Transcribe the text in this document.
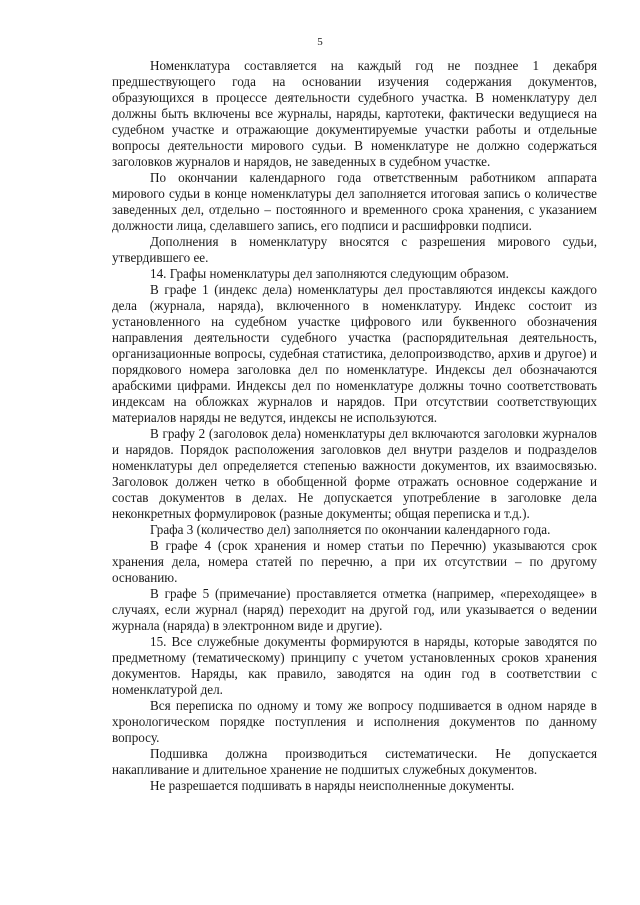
5

Номенклатура составляется на каждый год не позднее 1 декабря предшествующего года на основании изучения содержания документов, образующихся в процессе деятельности судебного участка. В номенклатуру дел должны быть включены все журналы, наряды, картотеки, фактически ведущиеся на судебном участке и отражающие документируемые участки работы и отдельные вопросы деятельности мирового судьи. В номенклатуре не должно содержаться заголовков журналов и нарядов, не заведенных в судебном участке.

По окончании календарного года ответственным работником аппарата мирового судьи в конце номенклатуры дел заполняется итоговая запись о количестве заведенных дел, отдельно – постоянного и временного срока хранения, с указанием должности лица, сделавшего запись, его подписи и расшифровки подписи.

Дополнения в номенклатуру вносятся с разрешения мирового судьи, утвердившего ее.

14. Графы номенклатуры дел заполняются следующим образом.

В графе 1 (индекс дела) номенклатуры дел проставляются индексы каждого дела (журнала, наряда), включенного в номенклатуру. Индекс состоит из установленного на судебном участке цифрового или буквенного обозначения направления деятельности судебного участка (распорядительная деятельность, организационные вопросы, судебная статистика, делопроизводство, архив и другое) и порядкового номера заголовка дел по номенклатуре. Индексы дел обозначаются арабскими цифрами. Индексы дел по номенклатуре должны точно соответствовать индексам на обложках журналов и нарядов. При отсутствии соответствующих материалов наряды не ведутся, индексы не используются.

В графу 2 (заголовок дела) номенклатуры дел включаются заголовки журналов и нарядов. Порядок расположения заголовков дел внутри разделов и подразделов номенклатуры дел определяется степенью важности документов, их взаимосвязью. Заголовок должен четко в обобщенной форме отражать основное содержание и состав документов в делах. Не допускается употребление в заголовке дела неконкретных формулировок (разные документы; общая переписка и т.д.).

Графа 3 (количество дел) заполняется по окончании календарного года.

В графе 4 (срок хранения и номер статьи по Перечню) указываются срок хранения дела, номера статей по перечню, а при их отсутствии – по другому основанию.

В графе 5 (примечание) проставляется отметка (например, «переходящее» в случаях, если журнал (наряд) переходит на другой год, или указывается о ведении журнала (наряда) в электронном виде и другие).

15. Все служебные документы формируются в наряды, которые заводятся по предметному (тематическому) принципу с учетом установленных сроков хранения документов. Наряды, как правило, заводятся на один год в соответствии с номенклатурой дел.

Вся переписка по одному и тому же вопросу подшивается в одном наряде в хронологическом порядке поступления и исполнения документов по данному вопросу.

Подшивка должна производиться систематически. Не допускается накапливание и длительное хранение не подшитых служебных документов.

Не разрешается подшивать в наряды неисполненные документы.
